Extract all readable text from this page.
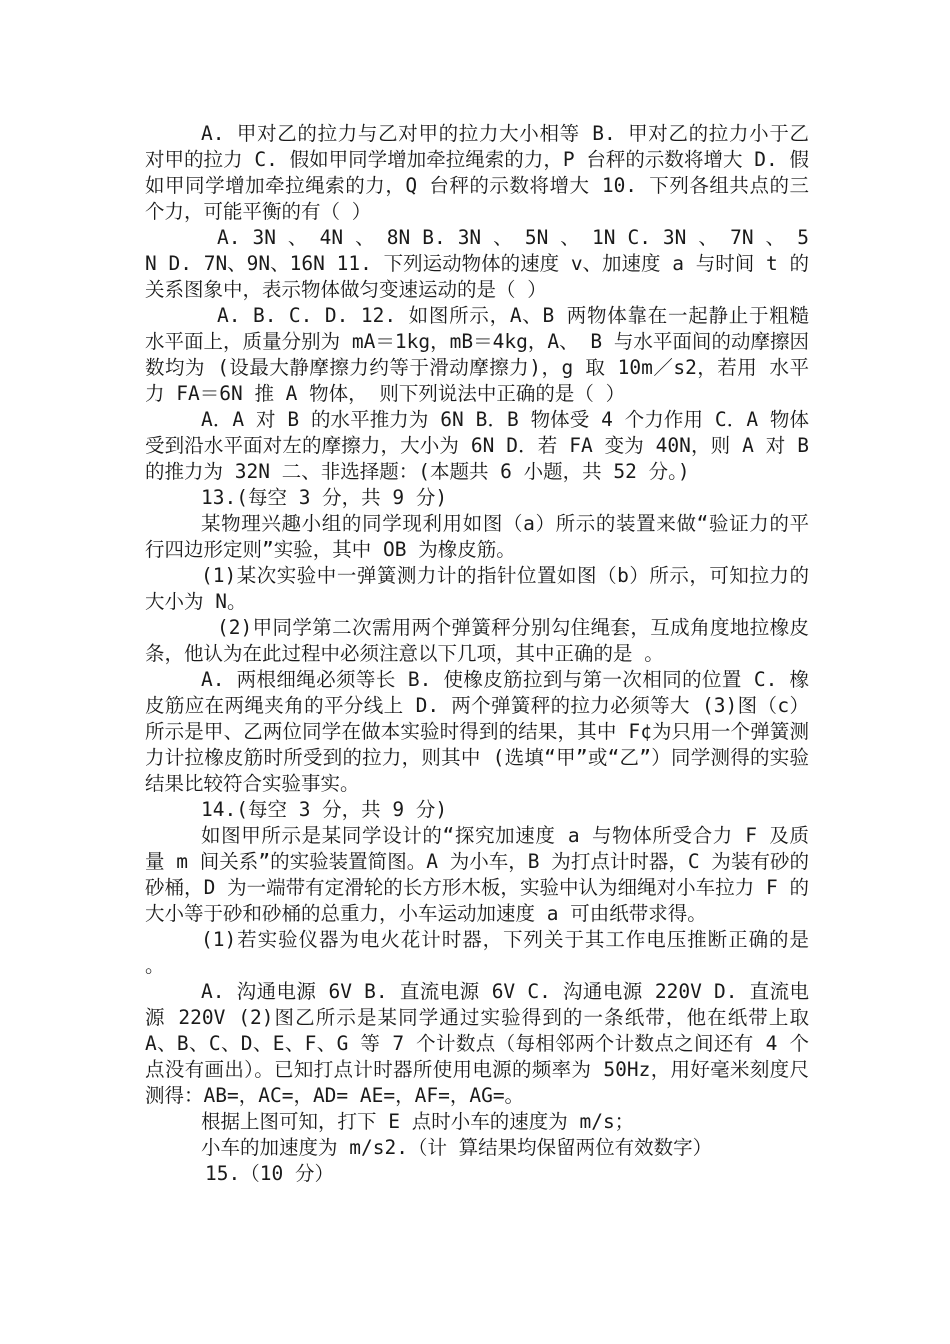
A. 甲对乙的拉力与乙对甲的拉力大小相等 B. 甲对乙的拉力小于乙对甲的拉力 C. 假如甲同学增加牵拉绳索的力，P 台秤的示数将增大 D. 假如甲同学增加牵拉绳索的力，Q 台秤的示数将增大 10. 下列各组共点的三个力，可能平衡的有（ ）

A. 3N 、 4N 、 8N B. 3N 、 5N 、 1N C. 3N 、 7N 、 5N D. 7N、9N、16N 11. 下列运动物体的速度 v、加速度 a 与时间 t 的关系图象中，表示物体做匀变速运动的是（ ）

A. B. C. D. 12. 如图所示，A、B 两物体靠在一起静止于粗糙水平面上，质量分别为 mA＝1kg，mB＝4kg，A、 B 与水平面间的动摩擦因数均为 (设最大静摩擦力约等于滑动摩擦力)，g 取 10m／s2，若用 水平力 FA＝6N 推 A 物体， 则下列说法中正确的是（ ）

A．A 对 B 的水平推力为 6N B．B 物体受 4 个力作用 C．A 物体受到沿水平面对左的摩擦力，大小为 6N D．若 FA 变为 40N，则 A 对 B 的推力为 32N 二、非选择题：(本题共 6 小题，共 52 分。)

13.(每空 3 分，共 9 分)

某物理兴趣小组的同学现利用如图（a）所示的装置来做“验证力的平行四边形定则”实验，其中 OB 为橡皮筋。

(1)某次实验中一弹簧测力计的指针位置如图（b）所示，可知拉力的大小为 N。

(2)甲同学第二次需用两个弹簧秤分别勾住绳套，互成角度地拉橡皮条，他认为在此过程中必须注意以下几项，其中正确的是 。

A. 两根细绳必须等长 B. 使橡皮筋拉到与第一次相同的位置 C. 橡皮筋应在两绳夹角的平分线上 D. 两个弹簧秤的拉力必须等大 (3)图（c）所示是甲、乙两位同学在做本实验时得到的结果，其中 F¢为只用一个弹簧测力计拉橡皮筋时所受到的拉力，则其中 (选填“甲”或“乙”）同学测得的实验结果比较符合实验事实。

14.(每空 3 分，共 9 分)

如图甲所示是某同学设计的“探究加速度 a 与物体所受合力 F 及质 量 m 间关系”的实验装置简图。A 为小车，B 为打点计时器，C 为装有砂的砂桶，D 为一端带有定滑轮的长方形木板，实验中认为细绳对小车拉力 F 的大小等于砂和砂桶的总重力，小车运动加速度 a 可由纸带求得。

(1)若实验仪器为电火花计时器，下列关于其工作电压推断正确的是 。

A. 沟通电源 6V B. 直流电源 6V C. 沟通电源 220V D. 直流电源 220V (2)图乙所示是某同学通过实验得到的一条纸带，他在纸带上取 A、B、C、D、E、F、G 等 7 个计数点（每相邻两个计数点之间还有 4 个点没有画出）。已知打点计时器所使用电源的频率为 50Hz，用好毫米刻度尺测得：AB=，AC=，AD= AE=，AF=，AG=。

根据上图可知，打下 E 点时小车的速度为 m/s；

小车的加速度为 m/s2.（计 算结果均保留两位有效数字）

15.（10 分）
